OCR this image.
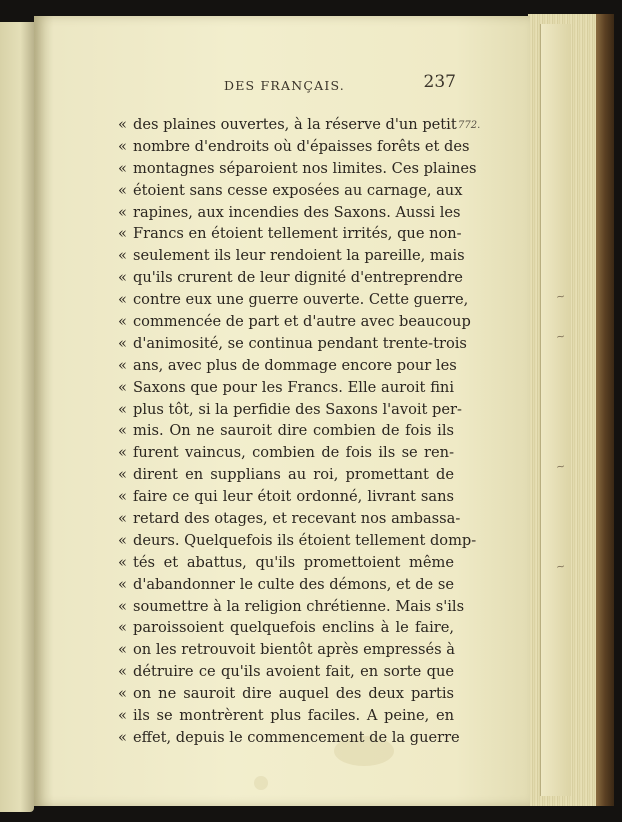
~
~
~
~
DES FRANÇAIS.	237
772.
« des plaines ouvertes, à la réserve d'un petit
« nombre d'endroits où d'épaisses forêts et des
« montagnes séparoient nos limites. Ces plaines
« étoient sans cesse exposées au carnage, aux
« rapines, aux incendies des Saxons. Aussi les
« Francs en étoient tellement irrités, que non-
« seulement ils leur rendoient la pareille, mais
« qu'ils crurent de leur dignité d'entreprendre
« contre eux une guerre ouverte. Cette guerre,
« commencée de part et d'autre avec beaucoup
« d'animosité, se continua pendant trente-trois
« ans, avec plus de dommage encore pour les
« Saxons que pour les Francs. Elle auroit fini
« plus tôt, si la perfidie des Saxons l'avoit per-
« mis. On ne sauroit dire combien de fois ils
« furent vaincus, combien de fois ils se ren-
« dirent en supplians au roi, promettant de
« faire ce qui leur étoit ordonné, livrant sans
« retard des otages, et recevant nos ambassa-
« deurs. Quelquefois ils étoient tellement domp-
« tés et abattus, qu'ils promettoient même
« d'abandonner le culte des démons, et de se
« soumettre à la religion chrétienne. Mais s'ils
« paroissoient quelquefois enclins à le faire,
« on les retrouvoit bientôt après empressés à
« détruire ce qu'ils avoient fait, en sorte que
« on ne sauroit dire auquel des deux partis
« ils se montrèrent plus faciles. A peine, en
« effet, depuis le commencement de la guerre
